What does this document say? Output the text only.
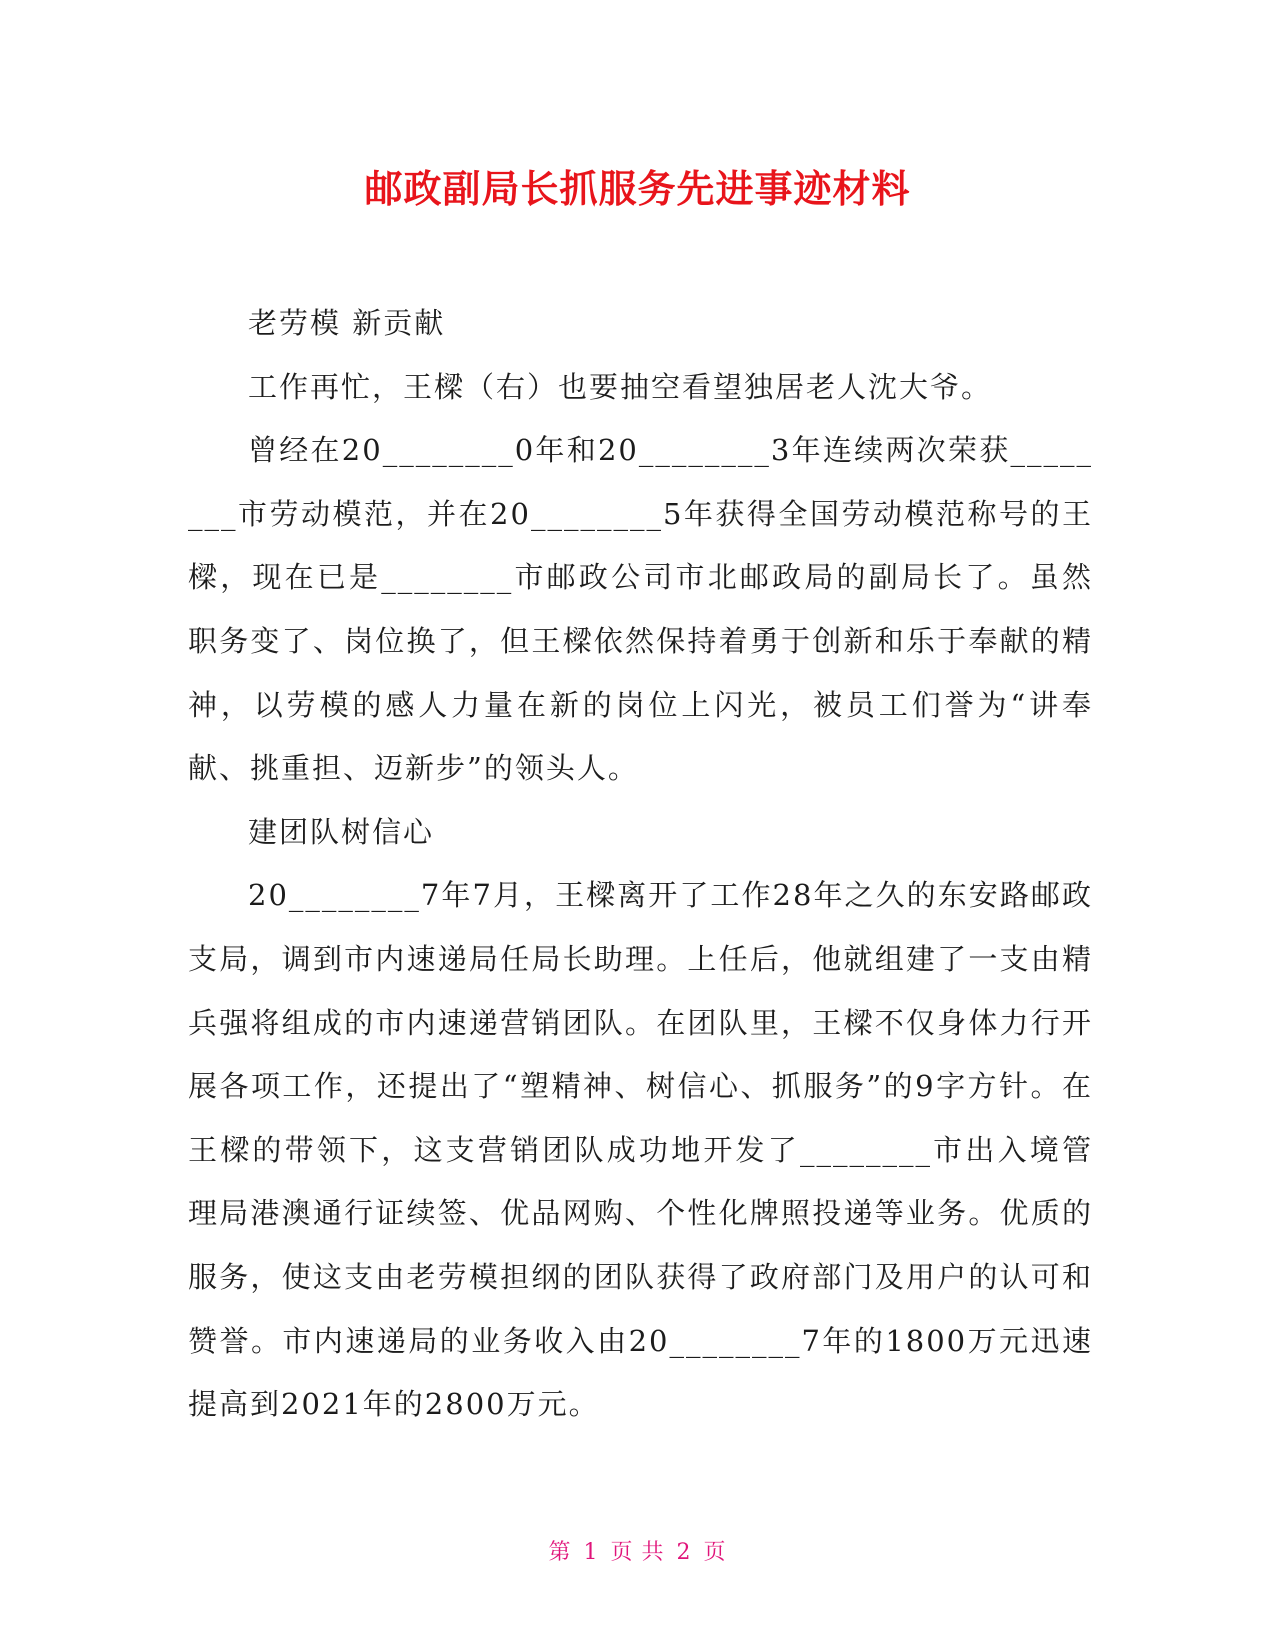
邮政副局长抓服务先进事迹材料

老劳模 新贡献

工作再忙，王樑（右）也要抽空看望独居老人沈大爷。

曾经在20________0年和20________3年连续两次荣获________市劳动模范，并在20________5年获得全国劳动模范称号的王樑，现在已是________市邮政公司市北邮政局的副局长了。虽然职务变了、岗位换了，但王樑依然保持着勇于创新和乐于奉献的精神，以劳模的感人力量在新的岗位上闪光，被员工们誉为“讲奉献、挑重担、迈新步”的领头人。

建团队树信心

20________7年7月，王樑离开了工作28年之久的东安路邮政支局，调到市内速递局任局长助理。上任后，他就组建了一支由精兵强将组成的市内速递营销团队。在团队里，王樑不仅身体力行开展各项工作，还提出了“塑精神、树信心、抓服务”的9字方针。在王樑的带领下，这支营销团队成功地开发了________市出入境管理局港澳通行证续签、优品网购、个性化牌照投递等业务。优质的服务，使这支由老劳模担纲的团队获得了政府部门及用户的认可和赞誉。市内速递局的业务收入由20________7年的1800万元迅速提高到2021年的2800万元。

第 1 页 共 2 页
